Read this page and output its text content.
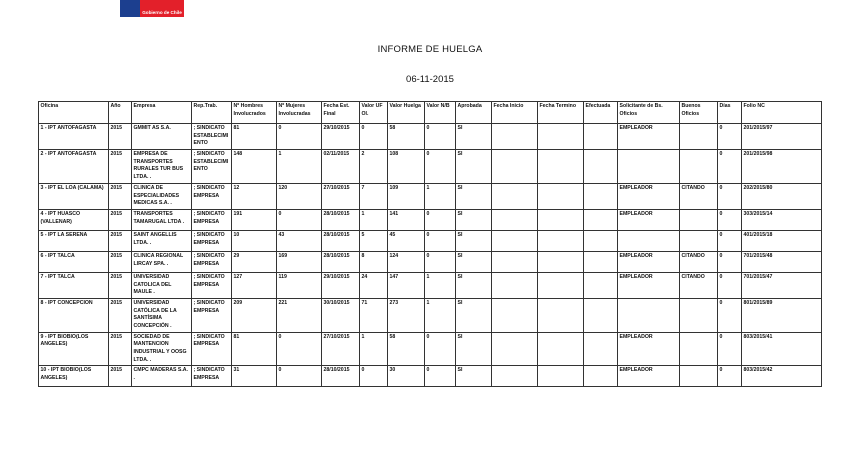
Gobierno de Chile
INFORME DE HUELGA
06-11-2015
Oficina	Año	Empresa	Rep.Trab.	Nº Hombres Involucrados	Nº Mujeres Involucradas	Fecha Est. Final	Valor UF Ol.	Valor Huelga	Valor N/B	Aprobada	Fecha Inicio	Fecha Termino	Efectuada	Solicitante de Bs. Oficios	Buenos Oficios	Días	Folio NC
1 - IPT ANTOFAGASTA	2015	GMMIT AS S.A.	; SINDICATO ESTABLECIMIENTO	81	0	29/10/2015	0	58	0	SI				EMPLEADOR		0	201/2015/97
2 - IPT ANTOFAGASTA	2015	EMPRESA DE TRANSPORTES RURALES TUR BUS LTDA. .	; SINDICATO ESTABLECIMIENTO	148	1	02/11/2015	2	108	0	SI						0	201/2015/98
3 - IPT EL LOA (CALAMA)	2015	CLINICA DE ESPECIALIDADES MEDICAS S.A. .	; SINDICATO EMPRESA	12	120	27/10/2015	7	109	1	SI				EMPLEADOR	CITANDO	0	202/2015/80
4 - IPT HUASCO (VALLENAR)	2015	TRANSPORTES TAMARUGAL LTDA .	; SINDICATO EMPRESA	191	0	28/10/2015	1	141	0	SI				EMPLEADOR		0	303/2015/14
5 - IPT LA SERENA	2015	SAINT ANGELLIS LTDA. .	; SINDICATO EMPRESA	10	43	28/10/2015	5	45	0	SI						0	401/2015/18
6 - IPT TALCA	2015	CLINICA REGIONAL LIRCAY SPA. .	; SINDICATO EMPRESA	29	169	28/10/2015	8	124	0	SI				EMPLEADOR	CITANDO	0	701/2015/48
7 - IPT TALCA	2015	UNIVERSIDAD CATOLICA DEL MAULE .	; SINDICATO EMPRESA	127	119	29/10/2015	24	147	1	SI				EMPLEADOR	CITANDO	0	701/2015/47
8 - IPT CONCEPCION	2015	UNIVERSIDAD CATÓLICA DE LA SANTÍSIMA CONCEPCIÓN .	; SINDICATO EMPRESA	209	221	30/10/2015	71	273	1	SI						0	801/2015/89
9 - IPT BIOBIO(LOS ANGELES)	2015	SOCIEDAD DE MANTENCION INDUSTRIAL Y OOSG LTDA. .	; SINDICATO EMPRESA	81	0	27/10/2015	1	58	0	SI				EMPLEADOR		0	803/2015/41
10 - IPT BIOBIO(LOS ANGELES)	2015	CMPC MADERAS S.A. .	; SINDICATO EMPRESA	31	0	28/10/2015	0	30	0	SI				EMPLEADOR		0	803/2015/42
